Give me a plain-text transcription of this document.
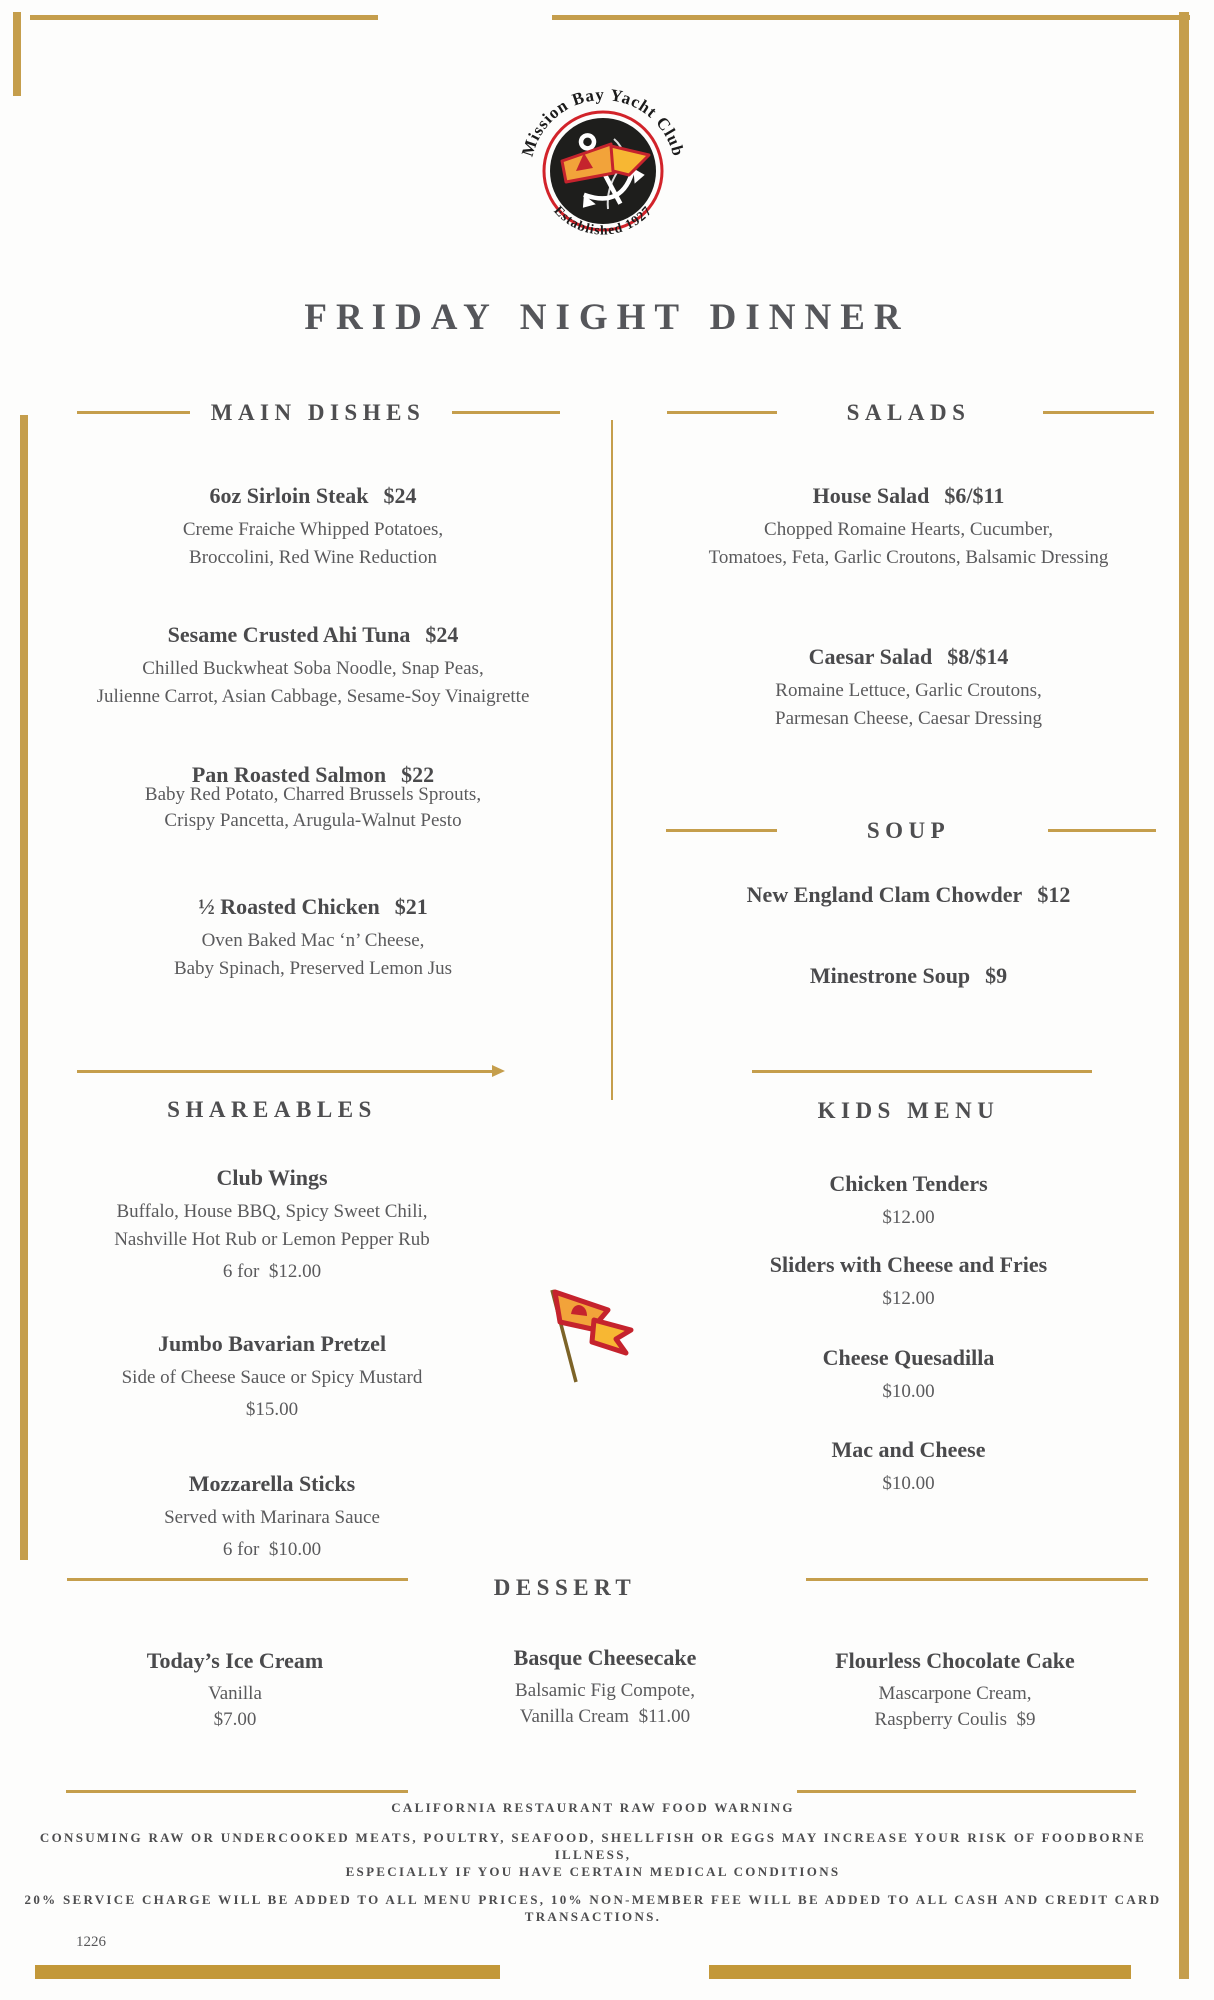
Mission Bay Yacht Club
Established 1927
FRIDAY NIGHT DINNER
MAIN DISHES
6oz Sirloin Steak $24
Creme Fraiche Whipped Potatoes,
Broccolini, Red Wine Reduction
Sesame Crusted Ahi Tuna $24
Chilled Buckwheat Soba Noodle, Snap Peas,
Julienne Carrot, Asian Cabbage, Sesame-Soy Vinaigrette
Pan Roasted Salmon $22
Baby Red Potato, Charred Brussels Sprouts,
Crispy Pancetta, Arugula-Walnut Pesto
½ Roasted Chicken $21
Oven Baked Mac ‘n’ Cheese,
Baby Spinach, Preserved Lemon Jus
SALADS
House Salad $6/$11
Chopped Romaine Hearts, Cucumber,
Tomatoes, Feta, Garlic Croutons, Balsamic Dressing
Caesar Salad $8/$14
Romaine Lettuce, Garlic Croutons,
Parmesan Cheese, Caesar Dressing
SOUP
New England Clam Chowder $12
Minestrone Soup $9
SHAREABLES
Club Wings
Buffalo, House BBQ, Spicy Sweet Chili,
Nashville Hot Rub or Lemon Pepper Rub
6 for $12.00
Jumbo Bavarian Pretzel
Side of Cheese Sauce or Spicy Mustard
$15.00
Mozzarella Sticks
Served with Marinara Sauce
6 for $10.00
KIDS MENU
Chicken Tenders
$12.00
Sliders with Cheese and Fries
$12.00
Cheese Quesadilla
$10.00
Mac and Cheese
$10.00
DESSERT
Today’s Ice Cream
Vanilla
$7.00
Basque Cheesecake
Balsamic Fig Compote,
Vanilla Cream $11.00
Flourless Chocolate Cake
Mascarpone Cream,
Raspberry Coulis $9
CALIFORNIA RESTAURANT RAW FOOD WARNING
CONSUMING RAW OR UNDERCOOKED MEATS, POULTRY, SEAFOOD, SHELLFISH OR EGGS MAY INCREASE YOUR RISK OF FOODBORNE ILLNESS,
ESPECIALLY IF YOU HAVE CERTAIN MEDICAL CONDITIONS
20% SERVICE CHARGE WILL BE ADDED TO ALL MENU PRICES, 10% NON-MEMBER FEE WILL BE ADDED TO ALL CASH AND CREDIT CARD
TRANSACTIONS.
1226
